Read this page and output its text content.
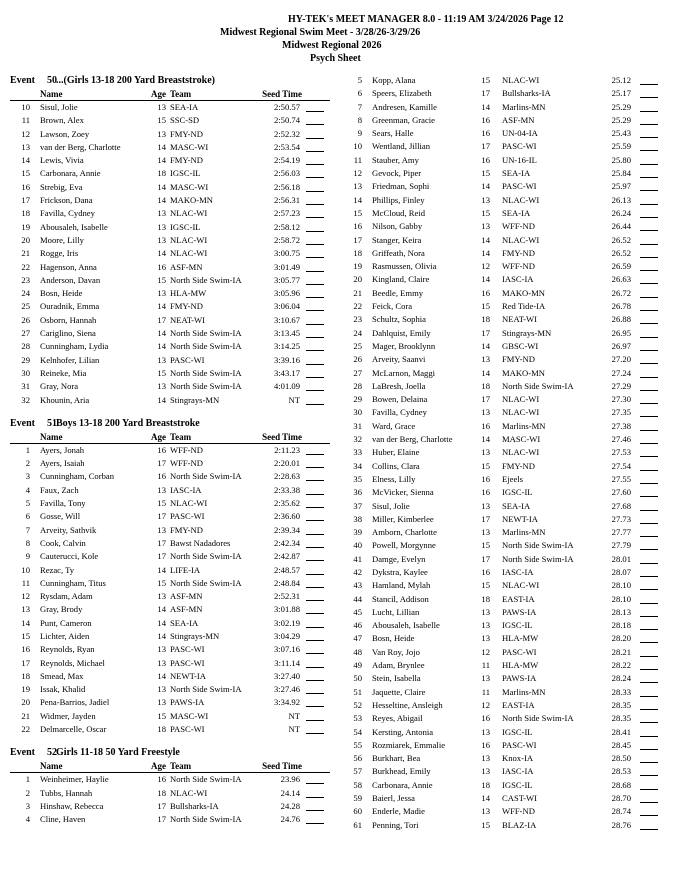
HY-TEK's MEET MANAGER 8.0 - 11:19 AM 3/24/2026 Page 12
Midwest Regional Swim Meet - 3/28/26-3/29/26
Midwest Regional 2026
Psych Sheet
Event 50...(Girls 13-18 200 Yard Breaststroke)
Name	Age Team	Seed Time
10 Sisul, Jolie	13 SEA-IA	2:50.57
11 Brown, Alex	15 SSC-SD	2:50.74
12 Lawson, Zoey	13 FMY-ND	2:52.32
13 van der Berg, Charlotte	14 MASC-WI	2:53.54
14 Lewis, Vivia	14 FMY-ND	2:54.19
15 Carbonara, Annie	18 IGSC-IL	2:56.03
16 Strebig, Eva	14 MASC-WI	2:56.18
17 Frickson, Dana	14 MAKO-MN	2:56.31
18 Favilla, Cydney	13 NLAC-WI	2:57.23
19 Abousaleh, Isabelle	13 IGSC-IL	2:58.12
20 Moore, Lilly	13 NLAC-WI	2:58.72
21 Rogge, Iris	14 NLAC-WI	3:00.75
22 Hagenson, Anna	16 ASF-MN	3:01.49
23 Anderson, Davan	15 North Side Swim-IA	3:05.77
24 Bosn, Heide	13 HLA-MW	3:05.96
25 Ouradnik, Emma	14 FMY-ND	3:06.04
26 Osborn, Hannah	17 NEAT-WI	3:10.67
27 Cariglino, Siena	14 North Side Swim-IA	3:13.45
28 Cunningham, Lydia	14 North Side Swim-IA	3:14.25
29 Kelnhofer, Lilian	13 PASC-WI	3:39.16
30 Reineke, Mia	15 North Side Swim-IA	3:43.17
31 Gray, Nora	13 North Side Swim-IA	4:01.09
32 Khounin, Aria	14 Stingrays-MN	NT
Event 51Boys 13-18 200 Yard Breaststroke
Name	Age Team	Seed Time
1 Ayers, Jonah	16 WFF-ND	2:11.23
2 Ayers, Isaiah	17 WFF-ND	2:20.01
3 Cunningham, Corban	16 North Side Swim-IA	2:28.63
4 Faux, Zach	13 IASC-IA	2:33.38
5 Favilla, Tony	15 NLAC-WI	2:35.62
6 Gosse, Will	17 PASC-WI	2:36.60
7 Arveity, Sathvik	13 FMY-ND	2:39.34
8 Cook, Calvin	17 Bawst Nadadores	2:42.34
9 Cauterucci, Kole	17 North Side Swim-IA	2:42.87
10 Rezac, Ty	14 LIFE-IA	2:48.57
11 Cunningham, Titus	15 North Side Swim-IA	2:48.84
12 Rysdam, Adam	13 ASF-MN	2:52.31
13 Gray, Brody	14 ASF-MN	3:01.88
14 Punt, Cameron	14 SEA-IA	3:02.19
15 Lichter, Aiden	14 Stingrays-MN	3:04.29
16 Reynolds, Ryan	13 PASC-WI	3:07.16
17 Reynolds, Michael	13 PASC-WI	3:11.14
18 Smead, Max	14 NEWT-IA	3:27.40
19 Issak, Khalid	13 North Side Swim-IA	3:27.46
20 Pena-Barrios, Jadiel	13 PAWS-IA	3:34.92
21 Widmer, Jayden	15 MASC-WI	NT
22 Delmarcelle, Oscar	18 PASC-WI	NT
Event 52Girls 11-18 50 Yard Freestyle
Name	Age Team	Seed Time
1 Weinheimer, Haylie	16 North Side Swim-IA	23.96
2 Tubbs, Hannah	18 NLAC-WI	24.14
3 Hinshaw, Rebecca	17 Bullsharks-IA	24.28
4 Cline, Haven	17 North Side Swim-IA	24.76
5 Kopp, Alana	15 NLAC-WI	25.12
6 Speers, Elizabeth	17 Bullsharks-IA	25.17
7 Andresen, Kamille	14 Marlins-MN	25.29
8 Greenman, Gracie	16 ASF-MN	25.29
9 Sears, Halle	16 UN-04-IA	25.43
10 Wentland, Jillian	17 PASC-WI	25.59
11 Stauber, Amy	16 UN-16-IL	25.80
12 Gevock, Piper	15 SEA-IA	25.84
13 Friedman, Sophi	14 PASC-WI	25.97
14 Phillips, Finley	13 NLAC-WI	26.13
15 McCloud, Reid	15 SEA-IA	26.24
16 Nilson, Gabby	13 WFF-ND	26.44
17 Stanger, Keira	14 NLAC-WI	26.52
18 Griffeath, Nora	14 FMY-ND	26.52
19 Rasmussen, Olivia	12 WFF-ND	26.59
20 Kingland, Claire	14 IASC-IA	26.63
21 Beedle, Emmy	16 MAKO-MN	26.72
22 Feick, Cora	15 Red Tide-IA	26.78
23 Schultz, Sophia	18 NEAT-WI	26.88
24 Dahlquist, Emily	17 Stingrays-MN	26.95
25 Mager, Brooklynn	14 GBSC-WI	26.97
26 Arveity, Saanvi	13 FMY-ND	27.20
27 McLarnon, Maggi	14 MAKO-MN	27.24
28 LaBresh, Joella	18 North Side Swim-IA	27.29
29 Bowen, Delaina	17 NLAC-WI	27.30
30 Favilla, Cydney	13 NLAC-WI	27.35
31 Ward, Grace	16 Marlins-MN	27.38
32 van der Berg, Charlotte	14 MASC-WI	27.46
33 Huber, Elaine	13 NLAC-WI	27.53
34 Collins, Clara	15 FMY-ND	27.54
35 Elness, Lilly	16 Ejeels	27.55
36 McVicker, Sienna	16 IGSC-IL	27.60
37 Sisul, Jolie	13 SEA-IA	27.68
38 Miller, Kimberlee	17 NEWT-IA	27.73
39 Amborn, Charlotte	13 Marlins-MN	27.77
40 Powell, Morgynne	15 North Side Swim-IA	27.79
41 Damge, Evelyn	17 North Side Swim-IA	28.01
42 Dykstra, Kaylee	16 IASC-IA	28.07
43 Hamland, Mylah	15 NLAC-WI	28.10
44 Stancil, Addison	18 EAST-IA	28.10
45 Lucht, Lillian	13 PAWS-IA	28.13
46 Abousaleh, Isabelle	13 IGSC-IL	28.18
47 Bosn, Heide	13 HLA-MW	28.20
48 Van Roy, Jojo	12 PASC-WI	28.21
49 Adam, Brynlee	11 HLA-MW	28.22
50 Stein, Isabella	13 PAWS-IA	28.24
51 Jaquette, Claire	11 Marlins-MN	28.33
52 Hesseltine, Ansleigh	12 EAST-IA	28.35
53 Reyes, Abigail	16 North Side Swim-IA	28.35
54 Kersting, Antonia	13 IGSC-IL	28.41
55 Rozmiarek, Emmalie	16 PASC-WI	28.45
56 Burkhart, Bea	13 Knox-IA	28.50
57 Burkhead, Emily	13 IASC-IA	28.53
58 Carbonara, Annie	18 IGSC-IL	28.68
59 Baierl, Jessa	14 CAST-WI	28.70
60 Enderle, Madie	13 WFF-ND	28.74
61 Penning, Tori	15 BLAZ-IA	28.76
